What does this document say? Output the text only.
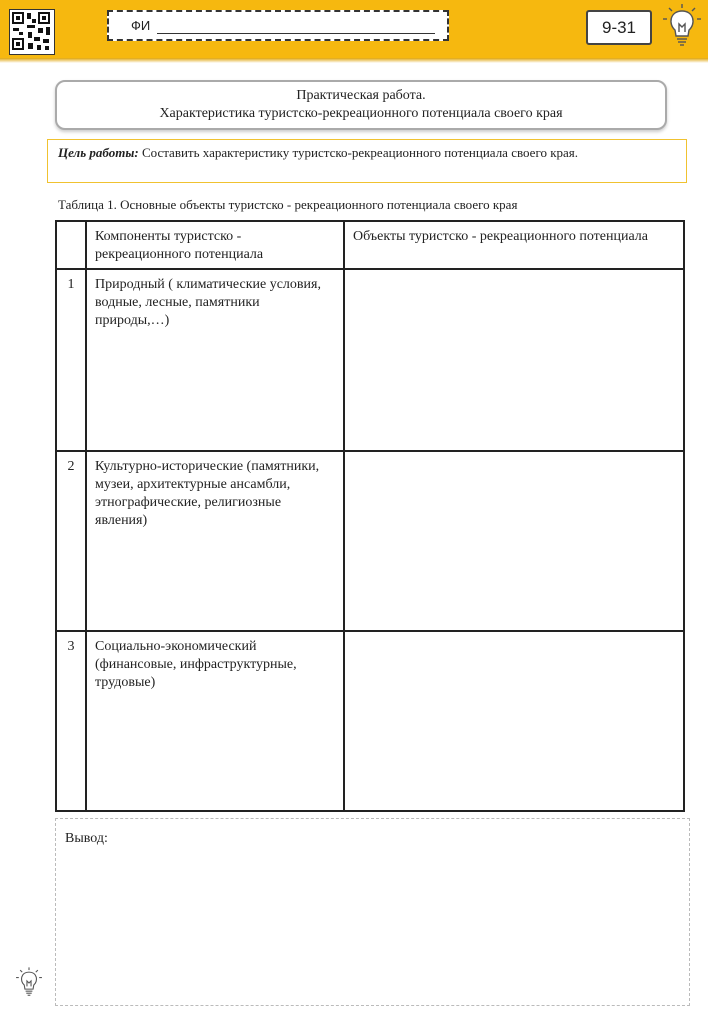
ФИ	9-31
Практическая работа.
Характеристика туристско-рекреационного потенциала своего края
Цель работы: Составить характеристику туристско-рекреационного потенциала своего края.
Таблица 1. Основные объекты туристско - рекреационного потенциала своего края
	Компоненты туристско - рекреационного потенциала	Объекты туристско - рекреационного потенциала
1	Природный ( климатические условия, водные, лесные, памятники природы,…)	
2	Культурно-исторические (памятники, музеи, архитектурные ансамбли,
этнографические, религиозные явления)	
3	Социально-экономический (финансовые, инфраструктурные, трудовые)	
Вывод:
